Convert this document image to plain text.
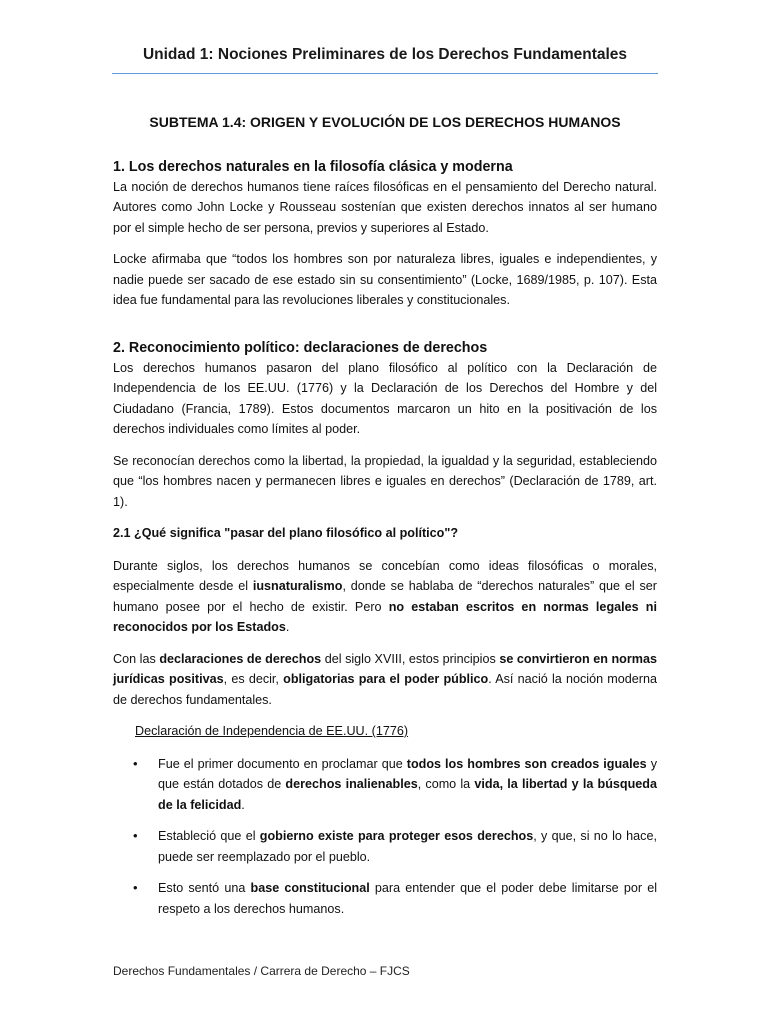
Unidad 1: Nociones Preliminares de los Derechos Fundamentales
SUBTEMA 1.4: ORIGEN Y EVOLUCIÓN DE LOS DERECHOS HUMANOS
1. Los derechos naturales en la filosofía clásica y moderna

La noción de derechos humanos tiene raíces filosóficas en el pensamiento del Derecho natural. Autores como John Locke y Rousseau sostenían que existen derechos innatos al ser humano por el simple hecho de ser persona, previos y superiores al Estado.

Locke afirmaba que “todos los hombres son por naturaleza libres, iguales e independientes, y nadie puede ser sacado de ese estado sin su consentimiento” (Locke, 1689/1985, p. 107). Esta idea fue fundamental para las revoluciones liberales y constitucionales.

2. Reconocimiento político: declaraciones de derechos

Los derechos humanos pasaron del plano filosófico al político con la Declaración de Independencia de los EE.UU. (1776) y la Declaración de los Derechos del Hombre y del Ciudadano (Francia, 1789). Estos documentos marcaron un hito en la positivación de los derechos individuales como límites al poder.

Se reconocían derechos como la libertad, la propiedad, la igualdad y la seguridad, estableciendo que “los hombres nacen y permanecen libres e iguales en derechos” (Declaración de 1789, art. 1).

2.1 ¿Qué significa "pasar del plano filosófico al político"?

Durante siglos, los derechos humanos se concebían como ideas filosóficas o morales, especialmente desde el iusnaturalismo, donde se hablaba de “derechos naturales” que el ser humano posee por el hecho de existir. Pero no estaban escritos en normas legales ni reconocidos por los Estados.

Con las declaraciones de derechos del siglo XVIII, estos principios se convirtieron en normas jurídicas positivas, es decir, obligatorias para el poder público. Así nació la noción moderna de derechos fundamentales.

Declaración de Independencia de EE.UU. (1776)
• Fue el primer documento en proclamar que todos los hombres son creados iguales y que están dotados de derechos inalienables, como la vida, la libertad y la búsqueda de la felicidad.
• Estableció que el gobierno existe para proteger esos derechos, y que, si no lo hace, puede ser reemplazado por el pueblo.
• Esto sentó una base constitucional para entender que el poder debe limitarse por el respeto a los derechos humanos.
Derechos Fundamentales / Carrera de Derecho – FJCS
